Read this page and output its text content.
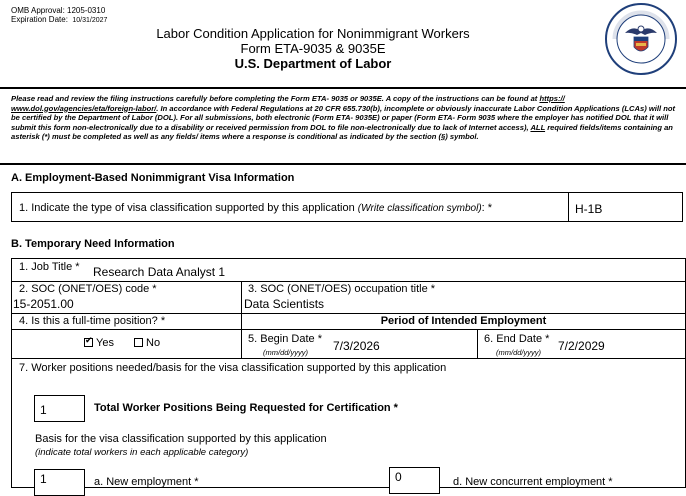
OMB Approval: 1205-0310
Expiration Date: 10/31/2027
Labor Condition Application for Nonimmigrant Workers
Form ETA-9035 & 9035E
U.S. Department of Labor
Please read and review the filing instructions carefully before completing the Form ETA- 9035 or 9035E. A copy of the instructions can be found at https:// www.dol.gov/agencies/eta/foreign-labor/. In accordance with Federal Regulations at 20 CFR 655.730(b), incomplete or obviously inaccurate Labor Condition Applications (LCAs) will not be certified by the Department of Labor (DOL). For all submissions, both electronic (Form ETA- 9035E) or paper (Form ETA- Form 9035 where the employer has notified DOL that it will submit this form non-electronically due to a disability or received permission from DOL to file non-electronically due to lack of Internet access), ALL required fields/items containing an asterisk (*) must be completed as well as any fields/ items where a response is conditional as indicated by the section (§) symbol.
A. Employment-Based Nonimmigrant Visa Information
1. Indicate the type of visa classification supported by this application (Write classification symbol): *	H-1B
B. Temporary Need Information
1. Job Title * Research Data Analyst 1
2. SOC (ONET/OES) code *
15-2051.00
3. SOC (ONET/OES) occupation title *
Data Scientists
4. Is this a full-time position? *	Period of Intended Employment
✔Yes	No	5. Begin Date *
(mm/dd/yyyy) 7/3/2026	6. End Date *
(mm/dd/yyyy) 7/2/2029
7. Worker positions needed/basis for the visa classification supported by this application
1	Total Worker Positions Being Requested for Certification *
Basis for the visa classification supported by this application
(indicate total workers in each applicable category)
1	a. New employment *	0	d. New concurrent employment *
